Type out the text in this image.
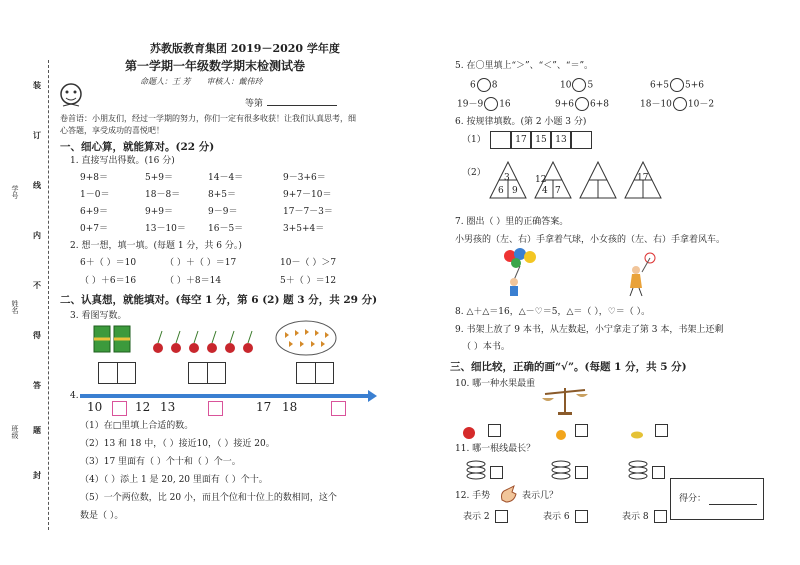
学号
姓名
班级
装
订
线
内
不
得
答
题
封
苏教版教育集团 2019－2020 学年度
第一学期一年级数学期末检测试卷
命题人：王 芳　　审核人：戴伟玲
等第
卷首语：小朋友们，经过一学期的努力，你们一定有很多收获！让我们认真思考，细心答题，享受成功的喜悦吧！
一、细心算，就能算对。(22 分)
1. 直接写出得数。(16 分)
9+8＝	5+9＝	14－4＝	9－3+6＝
1－0＝	18－8＝	8+5＝	9+7－10＝
6+9＝	9+9＝	9－9＝	17－7－3＝
0+7＝	13－10＝ 16－5＝	3+5+4＝
2. 想一想，填一填。(每题 1 分，共 6 分。)
6＋（ ）＝10	（ ）＋（ ）＝17	10－（ ）＞7
（ ）＋6＝16	（ ）＋8＝14	5＋（ ）＝12
二、认真想，就能填对。(每空 1 分，第 6 (2) 题 3 分，共 29 分)
3. 看图写数。
4.
10	12 13	17 18
（1）在□里填上合适的数。
（2）13 和 18 中，（ ）接近10，（ ）接近 20。
（3）17 里面有（ ）个十和（ ）个一。
（4）（ ）添上 1 是 20, 20 里面有（ ）个十。
（5）一个两位数，比 20 小，而且个位和十位上的数相同，这个
数是（ ）。
5. 在〇里填上“＞”、“＜”、“＝”。
6 8	10 5	6+5 5+6
19－9 16	9+6 6+8	18－10 10－2
6. 按规律填数。(第 2 小题 3 分)
（1）	17 15 13
（2） 3
6 9	4
12
7
17
7. 圈出（ ）里的正确答案。
小男孩的（左、右）手拿着气球，小女孩的（左、右）手拿着风车。
8. △＋△＝16，△－♡＝5，△＝（ ），♡＝（ ）。
9. 书架上放了 9 本书，从左数起，小宁拿走了第 3 本，书架上还剩
（ ）本书。
三、细比较，正确的画“√”。(每题 1 分，共 5 分)
10. 哪一种水果最重
11. 哪一根线最长？
12. 手势	表示几？
表示 2	表示 6	表示 8
得分：
